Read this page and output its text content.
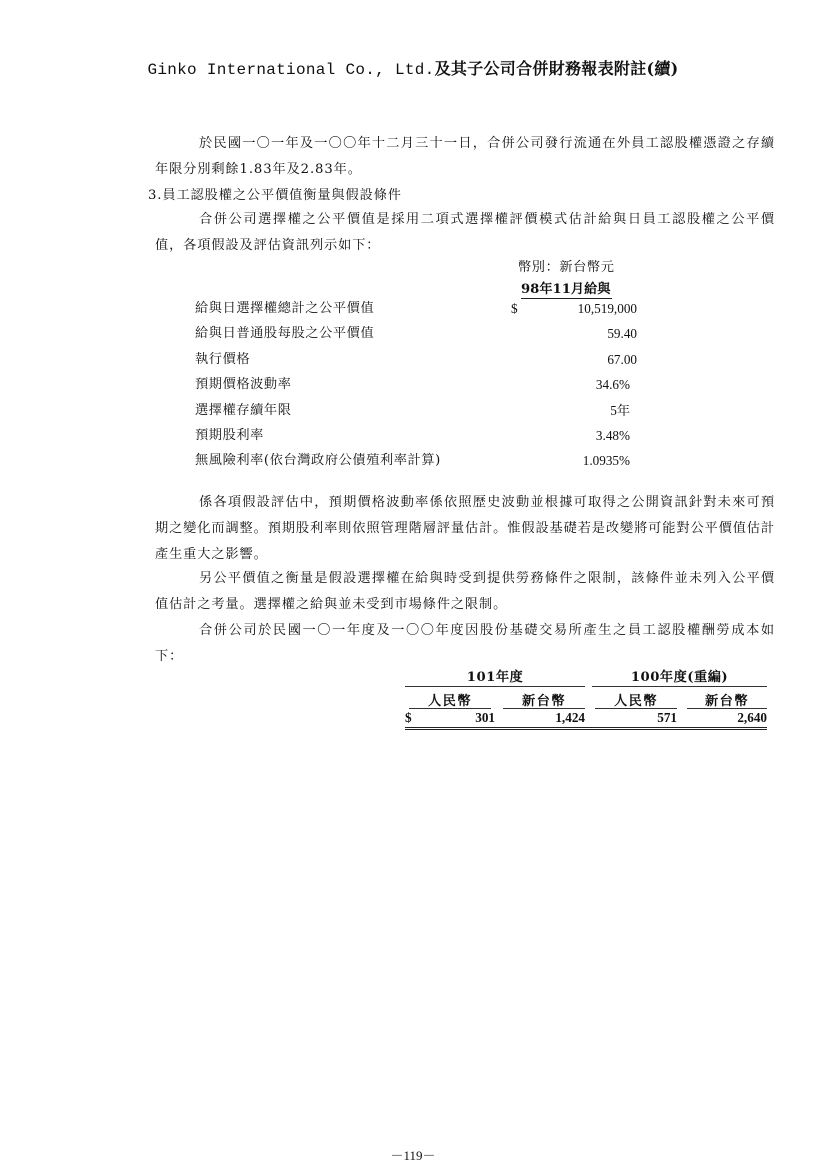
Ginko International Co., Ltd.及其子公司合併財務報表附註(續)
於民國一〇一年及一〇〇年十二月三十一日，合併公司發行流通在外員工認股權憑證之存續年限分別剩餘1.83年及2.83年。
3.員工認股權之公平價值衡量與假設條件
合併公司選擇權之公平價值是採用二項式選擇權評價模式估計給與日員工認股權之公平價值，各項假設及評估資訊列示如下：
幣別：新台幣元
98年11月給與
給與日選擇權總計之公平價值	$	10,519,000
給與日普通股每股之公平價值	59.40
執行價格	67.00
預期價格波動率	34.6%
選擇權存續年限	5年
預期股利率	3.48%
無風險利率(依台灣政府公債殖利率計算)	1.0935%
係各項假設評估中，預期價格波動率係依照歷史波動並根據可取得之公開資訊針對未來可預期之變化而調整。預期股利率則依照管理階層評量估計。惟假設基礎若是改變將可能對公平價值估計產生重大之影響。
另公平價值之衡量是假設選擇權在給與時受到提供勞務條件之限制，該條件並未列入公平價值估計之考量。選擇權之給與並未受到市場條件之限制。
合併公司於民國一〇一年度及一〇〇年度因股份基礎交易所產生之員工認股權酬勞成本如下：
101年度	100年度(重編)
人民幣	新台幣	人民幣	新台幣
$	301	1,424	571	2,640
－119－
